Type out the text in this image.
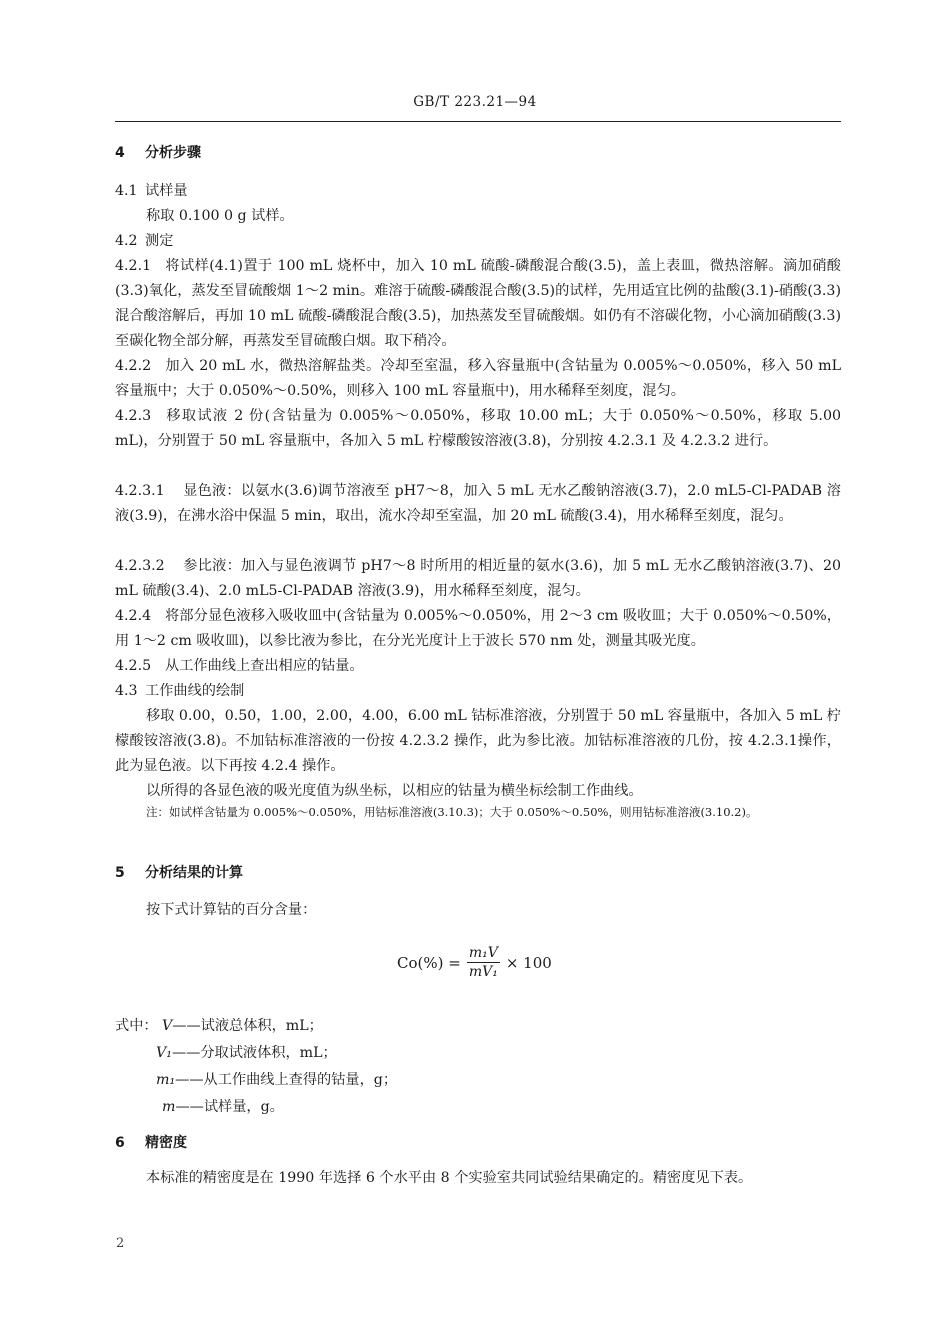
GB/T 223.21—94
4 分析步骤
4.1 试样量
称取 0.100 0 g 试样。
4.2 测定
4.2.1 将试样(4.1)置于 100 mL 烧杯中，加入 10 mL 硫酸-磷酸混合酸(3.5)，盖上表皿，微热溶解。滴加硝酸(3.3)氧化，蒸发至冒硫酸烟 1～2 min。难溶于硫酸-磷酸混合酸(3.5)的试样，先用适宜比例的盐酸(3.1)-硝酸(3.3)混合酸溶解后，再加 10 mL 硫酸-磷酸混合酸(3.5)，加热蒸发至冒硫酸烟。如仍有不溶碳化物，小心滴加硝酸(3.3)至碳化物全部分解，再蒸发至冒硫酸白烟。取下稍冷。
4.2.2 加入 20 mL 水，微热溶解盐类。冷却至室温，移入容量瓶中(含钴量为 0.005%～0.050%，移入 50 mL 容量瓶中；大于 0.050%～0.50%，则移入 100 mL 容量瓶中)，用水稀释至刻度，混匀。
4.2.3 移取试液 2 份(含钴量为 0.005%～0.050%，移取 10.00 mL；大于 0.050%～0.50%，移取 5.00 mL)，分别置于 50 mL 容量瓶中，各加入 5 mL 柠檬酸铵溶液(3.8)，分别按 4.2.3.1 及 4.2.3.2 进行。
4.2.3.1 显色液：以氨水(3.6)调节溶液至 pH7～8，加入 5 mL 无水乙酸钠溶液(3.7)，2.0 mL5-Cl-PADAB 溶液(3.9)，在沸水浴中保温 5 min，取出，流水冷却至室温，加 20 mL 硫酸(3.4)，用水稀释至刻度，混匀。
4.2.3.2 参比液：加入与显色液调节 pH7～8 时所用的相近量的氨水(3.6)，加 5 mL 无水乙酸钠溶液(3.7)、20 mL 硫酸(3.4)、2.0 mL5-Cl-PADAB 溶液(3.9)，用水稀释至刻度，混匀。
4.2.4 将部分显色液移入吸收皿中(含钴量为 0.005%～0.050%，用 2～3 cm 吸收皿；大于 0.050%～0.50%，用 1～2 cm 吸收皿)，以参比液为参比，在分光光度计上于波长 570 nm 处，测量其吸光度。
4.2.5 从工作曲线上查出相应的钴量。
4.3 工作曲线的绘制
移取 0.00，0.50，1.00，2.00，4.00，6.00 mL 钴标准溶液，分别置于 50 mL 容量瓶中，各加入 5 mL 柠檬酸铵溶液(3.8)。不加钴标准溶液的一份按 4.2.3.2 操作，此为参比液。加钴标准溶液的几份，按 4.2.3.1操作，此为显色液。以下再按 4.2.4 操作。
以所得的各显色液的吸光度值为纵坐标，以相应的钴量为横坐标绘制工作曲线。
注：如试样含钴量为 0.005%～0.050%，用钴标准溶液(3.10.3)；大于 0.050%～0.50%，则用钴标准溶液(3.10.2)。
5 分析结果的计算
按下式计算钴的百分含量：
$Co(\%) = \frac{\text{m₁V}}{\text{mV₁}} \times 100$
式中： V——试液总体积，mL；
V₁——分取试液体积，mL；
m₁——从工作曲线上查得的钴量，g；
m——试样量，g。
6 精密度
本标准的精密度是在 1990 年选择 6 个水平由 8 个实验室共同试验结果确定的。精密度见下表。
2
